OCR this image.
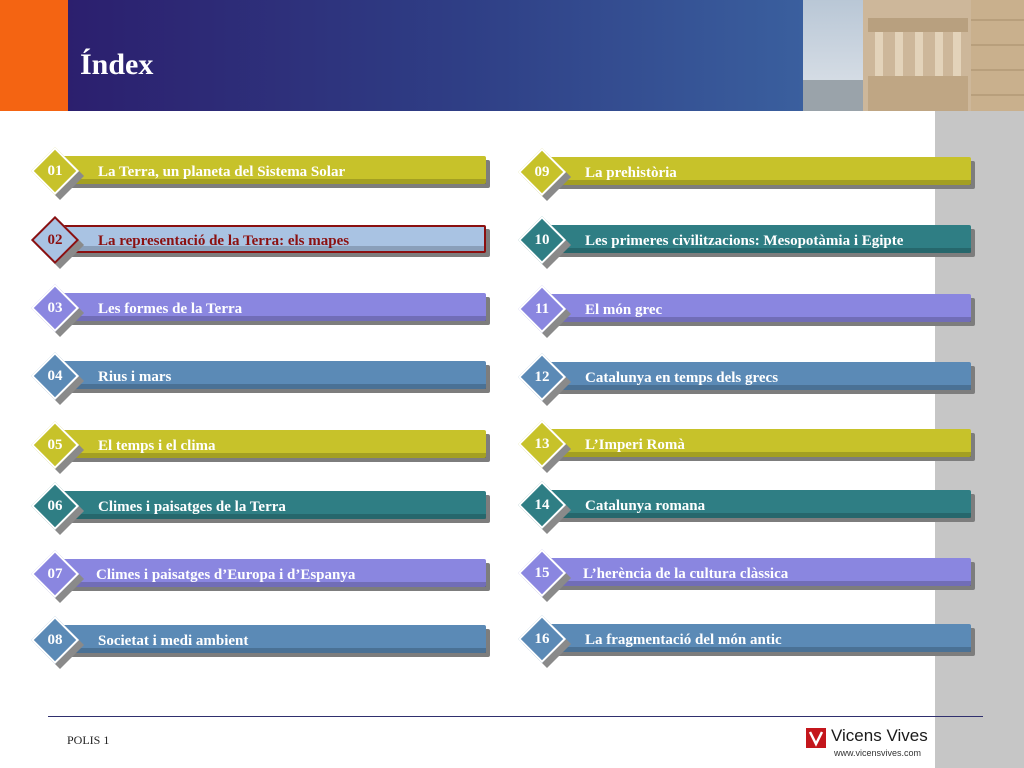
Índex
01	La Terra, un planeta del Sistema Solar
02	La representació de la Terra: els mapes
03	Les formes de la Terra
04	Rius i mars
05	El temps i el clima
06	Climes i paisatges de la Terra
07	Climes i paisatges d’Europa i d’Espanya
08	Societat i medi ambient
09	La prehistòria
10	Les primeres civilitzacions: Mesopotàmia i Egipte
11	El món grec
12	Catalunya en temps dels grecs
13	L’Imperi Romà
14	Catalunya romana
15	L’herència de la cultura clàssica
16	La fragmentació del món antic
POLIS 1	Vicens Vives
www.vicensvives.com
